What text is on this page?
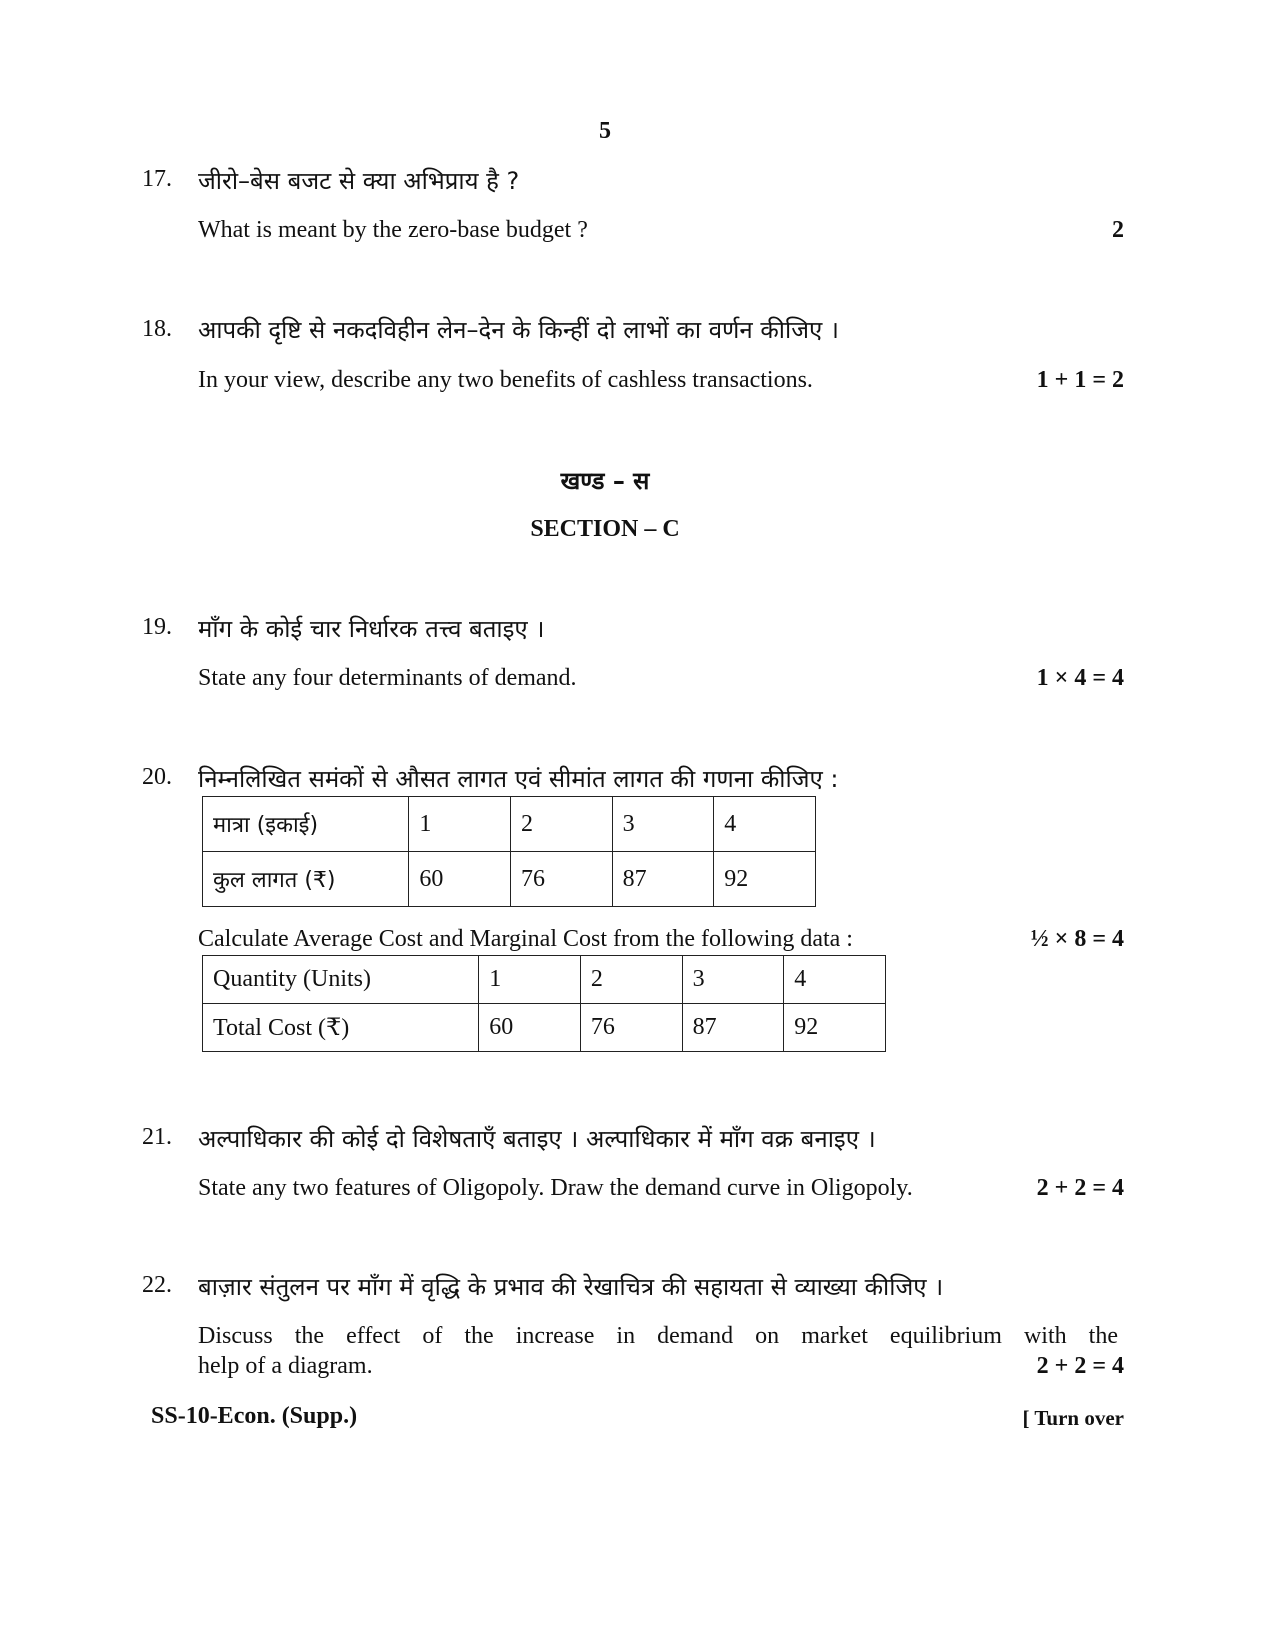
5
17. जीरो–बेस बजट से क्या अभिप्राय है ?
What is meant by the zero-base budget ?	2
18. आपकी दृष्टि से नकदविहीन लेन–देन के किन्हीं दो लाभों का वर्णन कीजिए ।
In your view, describe any two benefits of cashless transactions.	1 + 1 = 2
खण्ड – स
SECTION – C
19. माँग के कोई चार निर्धारक तत्त्व बताइए ।
State any four determinants of demand.	1 × 4 = 4
20. निम्नलिखित समंकों से औसत लागत एवं सीमांत लागत की गणना कीजिए :
मात्रा (इकाई)	1	2	3	4
कुल लागत (₹)	60	76	87	92
Calculate Average Cost and Marginal Cost from the following data :	½ × 8 = 4
Quantity (Units)	1	2	3	4
Total Cost (₹)	60	76	87	92
21. अल्पाधिकार की कोई दो विशेषताएँ बताइए । अल्पाधिकार में माँग वक्र बनाइए ।
State any two features of Oligopoly. Draw the demand curve in Oligopoly.	2 + 2 = 4
22. बाज़ार संतुलन पर माँग में वृद्धि के प्रभाव की रेखाचित्र की सहायता से व्याख्या कीजिए ।
Discuss the effect of the increase in demand on market equilibrium with the
help of a diagram.	2 + 2 = 4
SS-10-Econ. (Supp.)	[ Turn over
